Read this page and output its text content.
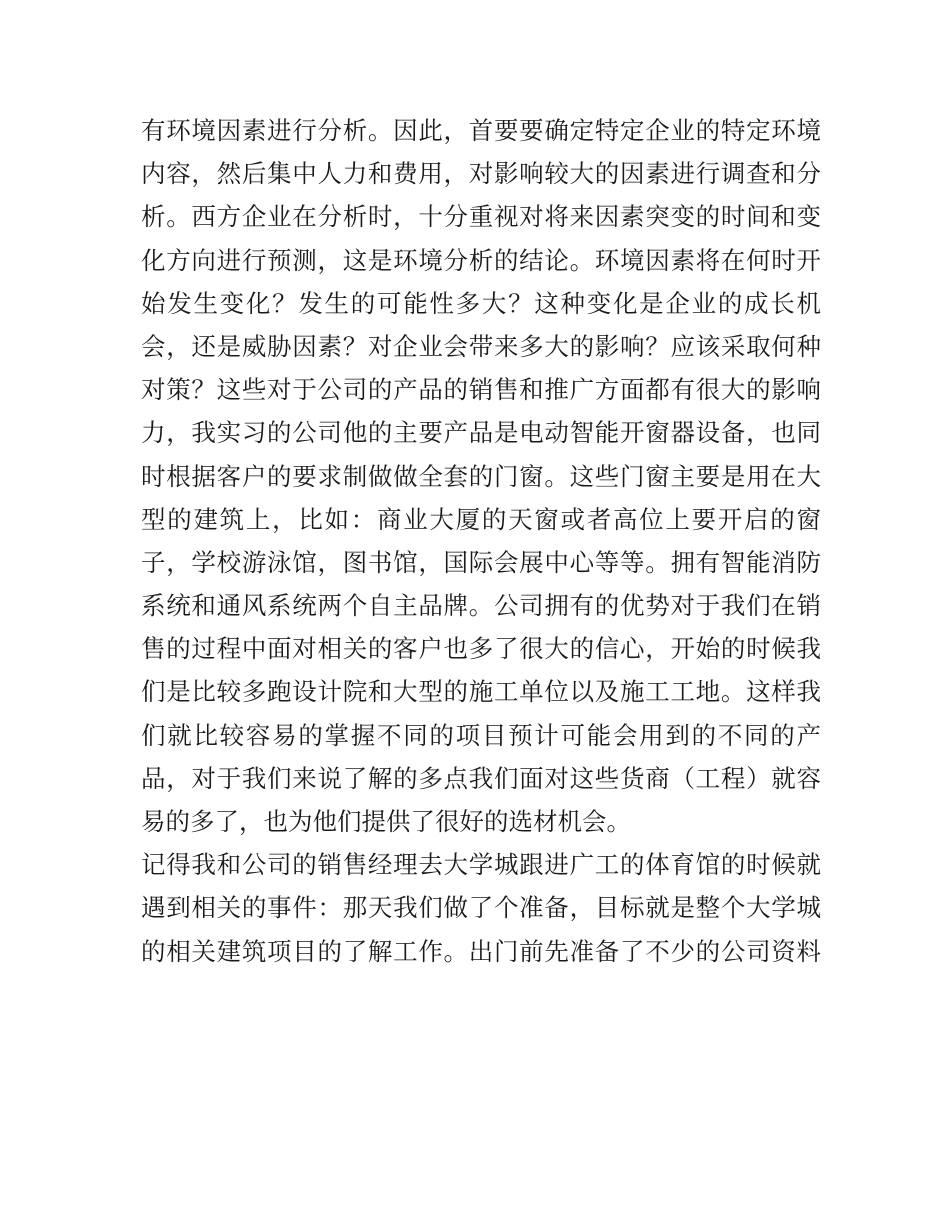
有环境因素进行分析。因此，首要要确定特定企业的特定环境
内容，然后集中人力和费用，对影响较大的因素进行调查和分
析。西方企业在分析时，十分重视对将来因素突变的时间和变
化方向进行预测，这是环境分析的结论。环境因素将在何时开
始发生变化？发生的可能性多大？这种变化是企业的成长机
会，还是威胁因素？对企业会带来多大的影响？应该采取何种
对策？这些对于公司的产品的销售和推广方面都有很大的影响
力，我实习的公司他的主要产品是电动智能开窗器设备，也同
时根据客户的要求制做做全套的门窗。这些门窗主要是用在大
型的建筑上，比如：商业大厦的天窗或者高位上要开启的窗
子，学校游泳馆，图书馆，国际会展中心等等。拥有智能消防
系统和通风系统两个自主品牌。公司拥有的优势对于我们在销
售的过程中面对相关的客户也多了很大的信心，开始的时候我
们是比较多跑设计院和大型的施工单位以及施工工地。这样我
们就比较容易的掌握不同的项目预计可能会用到的不同的产
品，对于我们来说了解的多点我们面对这些货商（工程）就容
易的多了，也为他们提供了很好的选材机会。
记得我和公司的销售经理去大学城跟进广工的体育馆的时候就
遇到相关的事件：那天我们做了个准备，目标就是整个大学城
的相关建筑项目的了解工作。出门前先准备了不少的公司资料
